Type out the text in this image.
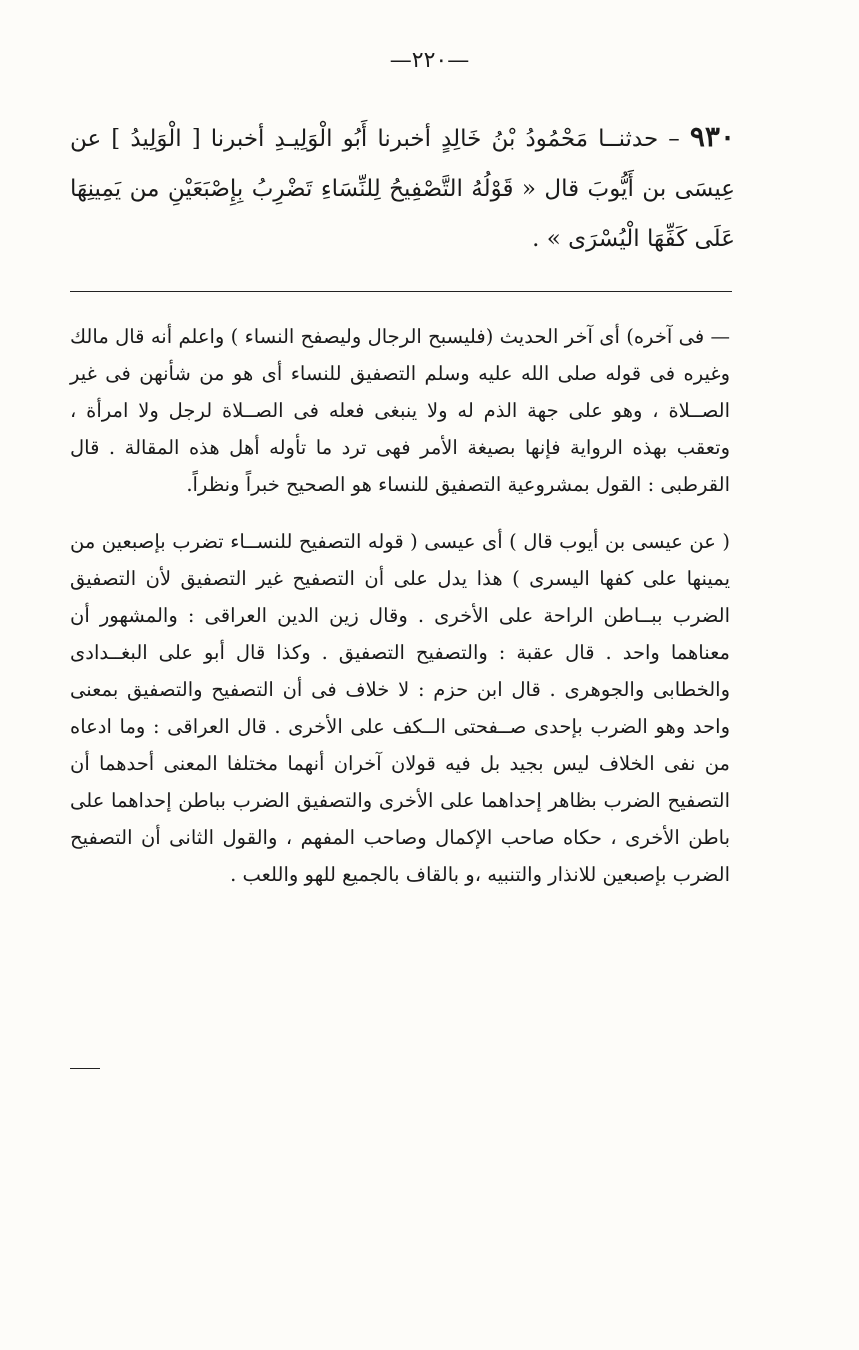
—٢٢٠—
٩٣٠ – حدثنــا مَحْمُودُ بْنُ خَالِدٍ أخبرنا أَبُو الْوَلِيـدِ أخبرنا [ الْوَلِيدُ ] عن عِيسَى بن أَيُّوبَ قال « قَوْلُهُ التَّصْفِيحُ لِلنِّسَاءِ تَضْرِبُ بِإِصْبَعَيْنِ من يَمِينِهَا عَلَى كَفِّهَا الْيُسْرَى » .

— فى آخره) أى آخر الحديث (فليسبح الرجال وليصفح النساء ) واعلم أنه قال مالك وغيره فى قوله صلى الله عليه وسلم التصفيق للنساء أى هو من شأنهن فى غير الصــلاة ، وهو على جهة الذم له ولا ينبغى فعله فى الصــلاة لرجل ولا امرأة ، وتعقب بهذه الرواية فإنها بصيغة الأمر فهى ترد ما تأوله أهل هذه المقالة . قال القرطبى : القول بمشروعية التصفيق للنساء هو الصحيح خبراً ونظراً.

( عن عيسى بن أيوب قال ) أى عيسى ( قوله التصفيح للنســاء تضرب بإصبعين من يمينها على كفها اليسرى ) هذا يدل على أن التصفيح غير التصفيق لأن التصفيق الضرب ببــاطن الراحة على الأخرى . وقال زين الدين العراقى : والمشهور أن معناهما واحد . قال عقبة : والتصفيح التصفيق . وكذا قال أبو على البغــدادى والخطابى والجوهرى . قال ابن حزم : لا خلاف فى أن التصفيح والتصفيق بمعنى واحد وهو الضرب بإحدى صــفحتى الــكف على الأخرى . قال العراقى : وما ادعاه من نفى الخلاف ليس بجيد بل فيه قولان آخران أنهما مختلفا المعنى أحدهما أن التصفيح الضرب بظاهر إحداهما على الأخرى والتصفيق الضرب بباطن إحداهما على باطن الأخرى ، حكاه صاحب الإكمال وصاحب المفهم ، والقول الثانى أن التصفيح الضرب بإصبعين للانذار والتنبيه ،و بالقاف بالجميع للهو واللعب .
